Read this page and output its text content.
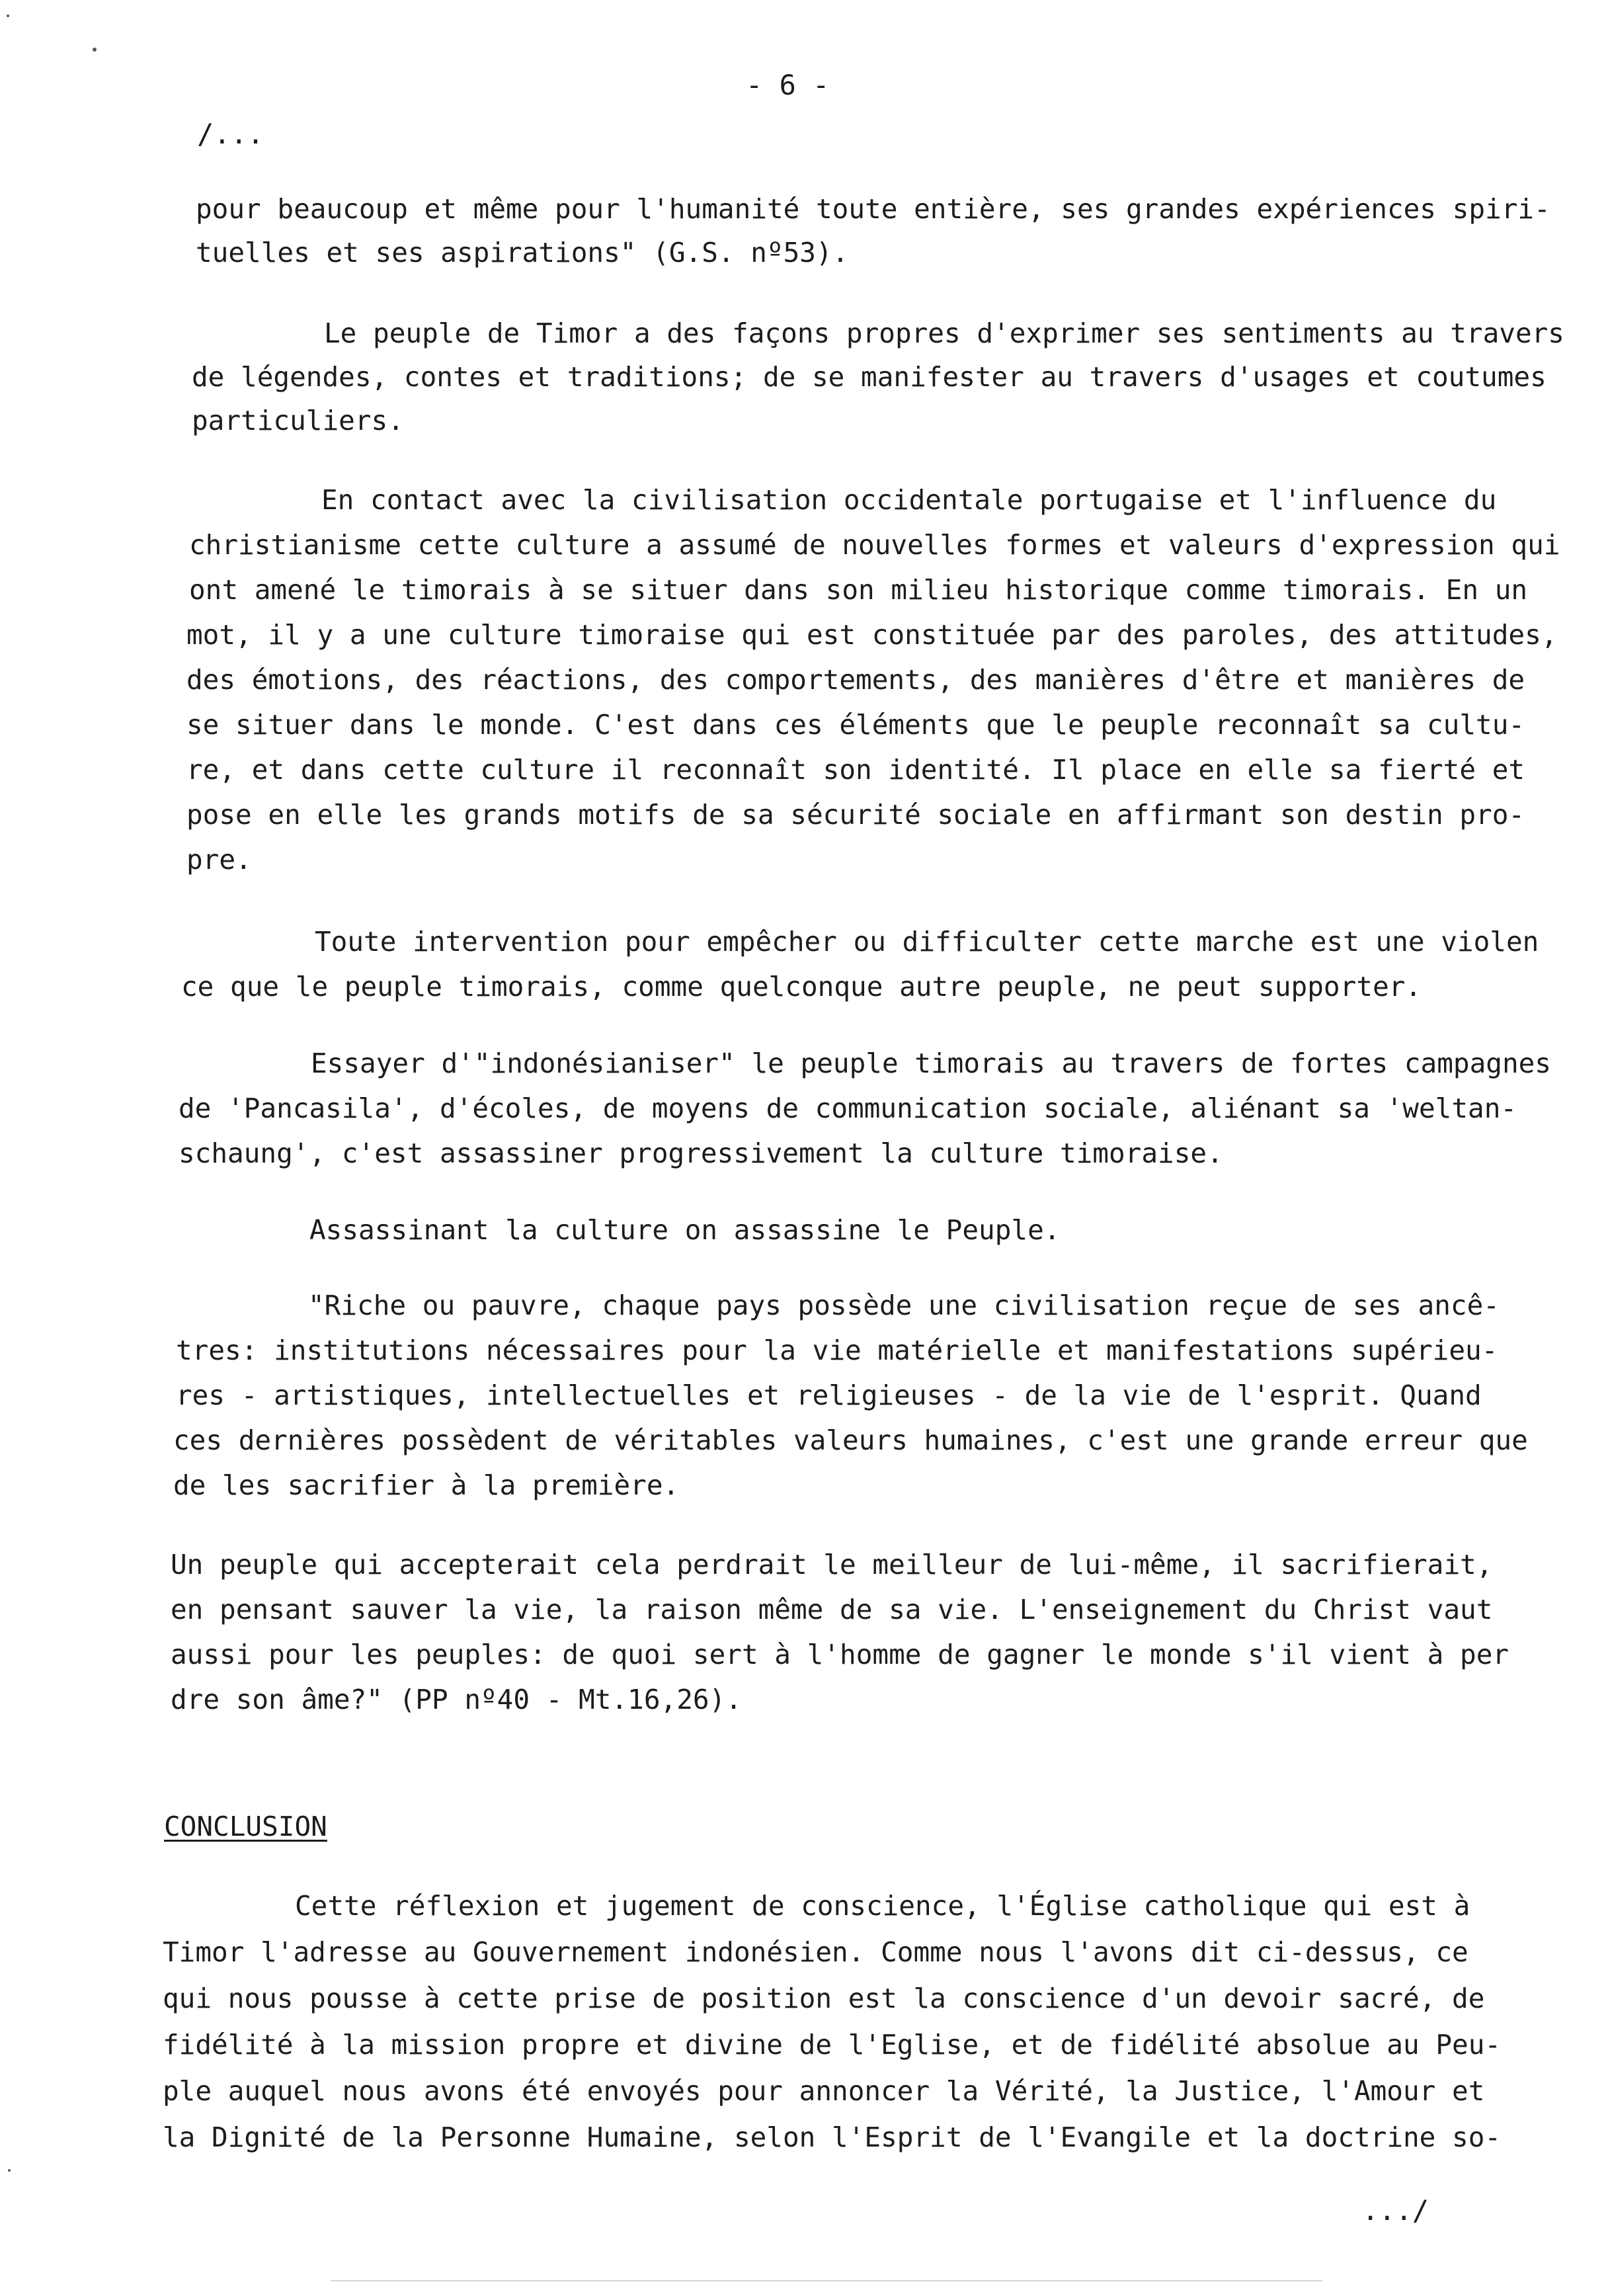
- 6 -
/...
pour beaucoup et même pour l'humanité toute entière, ses grandes expériences spiri-
tuelles et ses aspirations" (G.S. nº53).
Le peuple de Timor a des façons propres d'exprimer ses sentiments au travers
de légendes, contes et traditions; de se manifester au travers d'usages et coutumes
particuliers.
En contact avec la civilisation occidentale portugaise et l'influence du
christianisme cette culture a assumé de nouvelles formes et valeurs d'expression qui
ont amené le timorais à se situer dans son milieu historique comme timorais. En un
mot, il y a une culture timoraise qui est constituée par des paroles, des attitudes,
des émotions, des réactions, des comportements, des manières d'être et manières de
se situer dans le monde. C'est dans ces éléments que le peuple reconnaît sa cultu-
re, et dans cette culture il reconnaît son identité. Il place en elle sa fierté et
pose en elle les grands motifs de sa sécurité sociale en affirmant son destin pro-
pre.
Toute intervention pour empêcher ou difficulter cette marche est une violen
ce que le peuple timorais, comme quelconque autre peuple, ne peut supporter.
Essayer d'"indonésianiser" le peuple timorais au travers de fortes campagnes
de 'Pancasila', d'écoles, de moyens de communication sociale, aliénant sa 'weltan-
schaung', c'est assassiner progressivement la culture timoraise.
Assassinant la culture on assassine le Peuple.
"Riche ou pauvre, chaque pays possède une civilisation reçue de ses ancê-
tres: institutions nécessaires pour la vie matérielle et manifestations supérieu-
res - artistiques, intellectuelles et religieuses - de la vie de l'esprit. Quand
ces dernières possèdent de véritables valeurs humaines, c'est une grande erreur que
de les sacrifier à la première.
Un peuple qui accepterait cela perdrait le meilleur de lui-même, il sacrifierait,
en pensant sauver la vie, la raison même de sa vie. L'enseignement du Christ vaut
aussi pour les peuples: de quoi sert à l'homme de gagner le monde s'il vient à per
dre son âme?" (PP nº40 - Mt.16,26).
CONCLUSION
Cette réflexion et jugement de conscience, l'Église catholique qui est à
Timor l'adresse au Gouvernement indonésien. Comme nous l'avons dit ci-dessus, ce
qui nous pousse à cette prise de position est la conscience d'un devoir sacré, de
fidélité à la mission propre et divine de l'Eglise, et de fidélité absolue au Peu-
ple auquel nous avons été envoyés pour annoncer la Vérité, la Justice, l'Amour et
la Dignité de la Personne Humaine, selon l'Esprit de l'Evangile et la doctrine so-
.../
